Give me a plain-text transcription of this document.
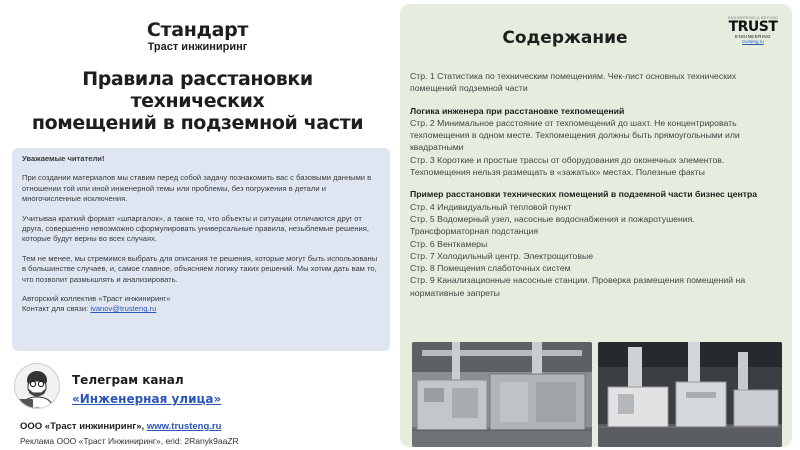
Стандарт
Траст инжиниринг
Правила расстановки технических
помещений в подземной части

Уважаемые читатели!

При создании материалов мы ставим перед собой задачу познакомить вас с базовыми данными в отношении той или иной инженерной темы или проблемы, без погружения в детали и многочисленные исключения.

Учитывая краткий формат «шпаргалок», а также то, что объекты и ситуации отличаются друг от друга, совершенно невозможно сформулировать универсальные правила, незыблемые решения, которые будут верны во всех случаях.

Тем не менее, мы стремимся выбрать для описания те решения, которые могут быть использованы в большинстве случаев, и, самое главное, объясняем логику таких решений. Мы хотим дать вам то, что позволит размышлять и анализировать.

Авторский коллектив «Траст инжиниринг»

Контакт для связи: ivanov@trusteng.ru

Телеграм канал
«Инженерная улица»
ООО «Траст инжиниринг», www.trusteng.ru
Реклама ООО «Траст Инжиниринг», erid: 2Ranyk9aaZR
Содержание
ENGINEERING & BEYOND
TRUST
ENGINEERING
trusteng.ru
Стр. 1 Статистика по техническим помещениям. Чек-лист основных технических
помещений подземной части
Логика инженера при расстановке техпомещений
Стр. 2 Минимальное расстояние от техпомещений до шахт. Не концентрировать
техпомещения в одном месте. Техпомещения должны быть прямоугольными или
квадратными
Стр. 3 Короткие и простые трассы от оборудования до оконечных элементов.
Техпомещения нельзя размещать в «зажатых» местах. Полезные факты
Пример расстановки технических помещений в подземной части бизнес центра
Стр. 4 Индивидуальный тепловой пункт
Стр. 5 Водомерный узел, насосные водоснабжения и пожаротушения.
Трансформаторная подстанция
Стр. 6 Венткамеры
Стр. 7 Холодильный центр. Электрощитовые
Стр. 8 Помещения слаботочных систем
Стр. 9 Канализационные насосные станции. Проверка размещения помещений на
нормативные запреты
